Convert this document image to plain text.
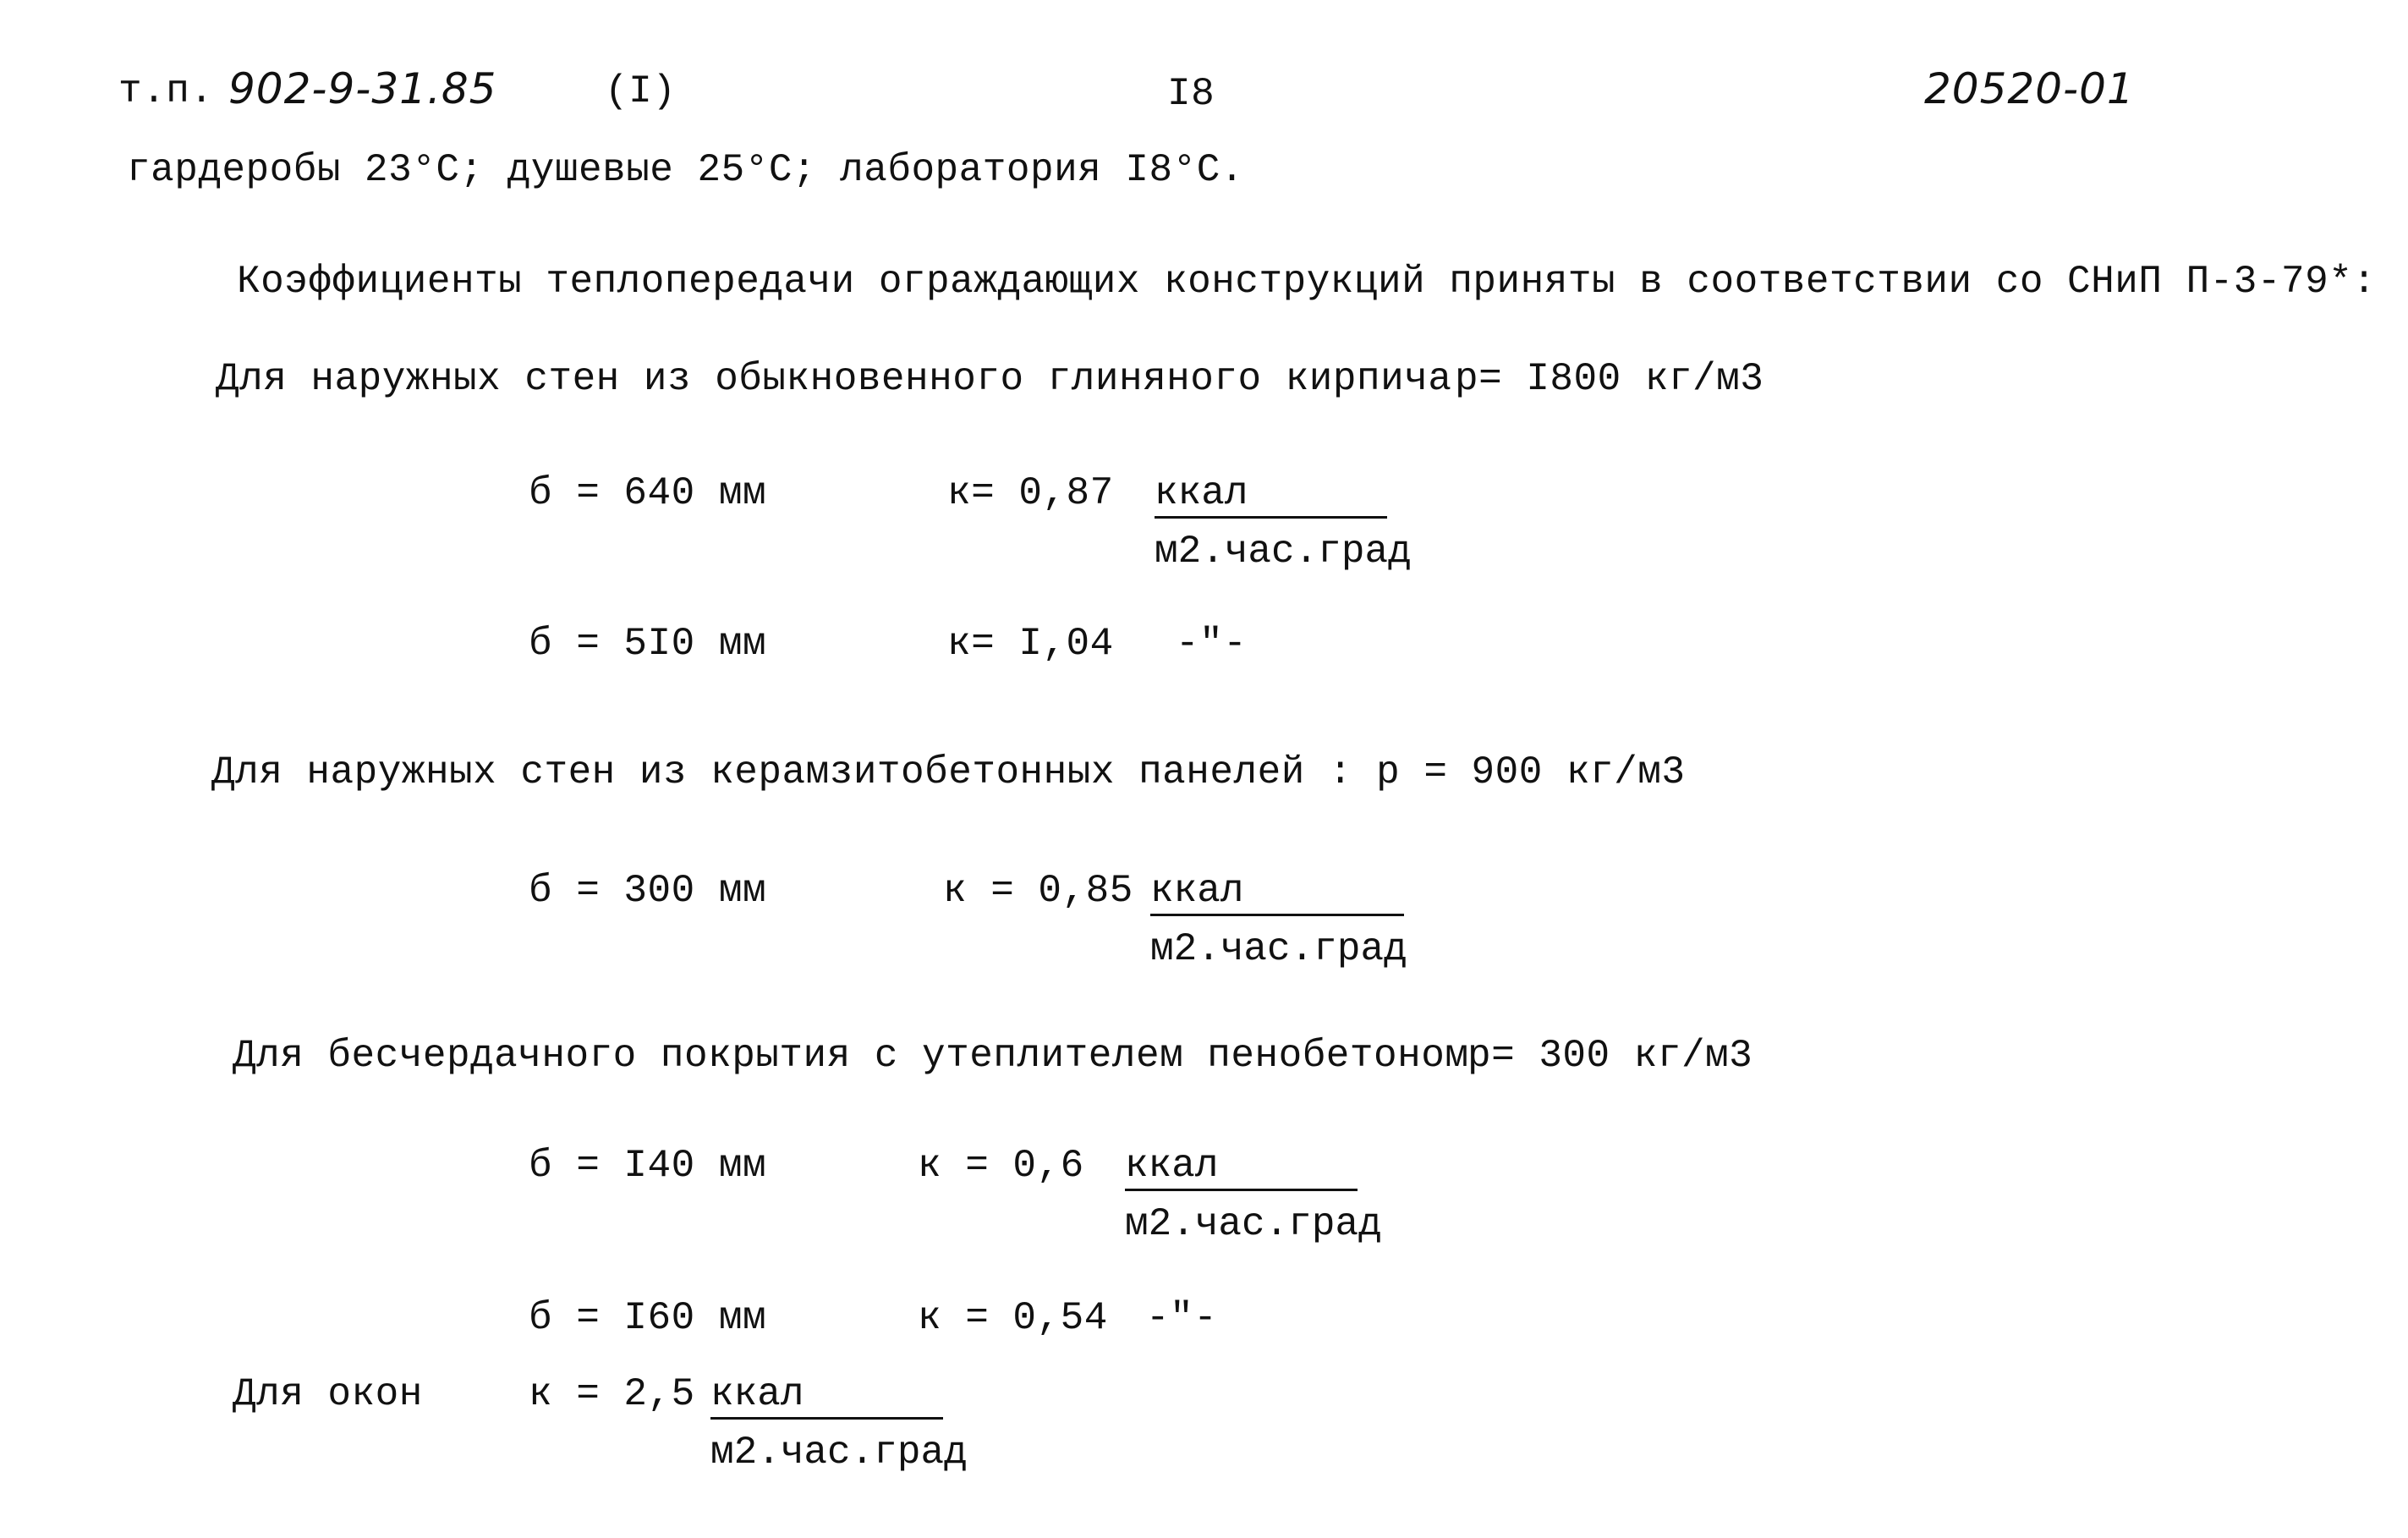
т.п. 902-9-31.85	(I)	I8	20520-01
гардеробы 23°С; душевые 25°С; лаборатория I8°С.
Коэффициенты теплопередачи ограждающих конструкций приняты в соответствии со СНиП П-3-79*:
Для наружных стен из обыкновенного глиняного кирпича р= I800 кг/м3
б = 640 мм	к= 0,87 ккал
м2.час.град
б = 5I0 мм	к= I,04 -"-
Для наружных стен из керамзитобетонных панелей : р = 900 кг/м3
б = 300 мм	к = 0,85 ккал
м2.час.град
Для бесчердачного покрытия с утеплителем пенобетоном
р= 300 кг/м3
б = I40 мм	к = 0,6 ккал
м2.час.град
б = I60 мм	к = 0,54 -"-
Для окон	к = 2,5 ккал
м2.час.град
